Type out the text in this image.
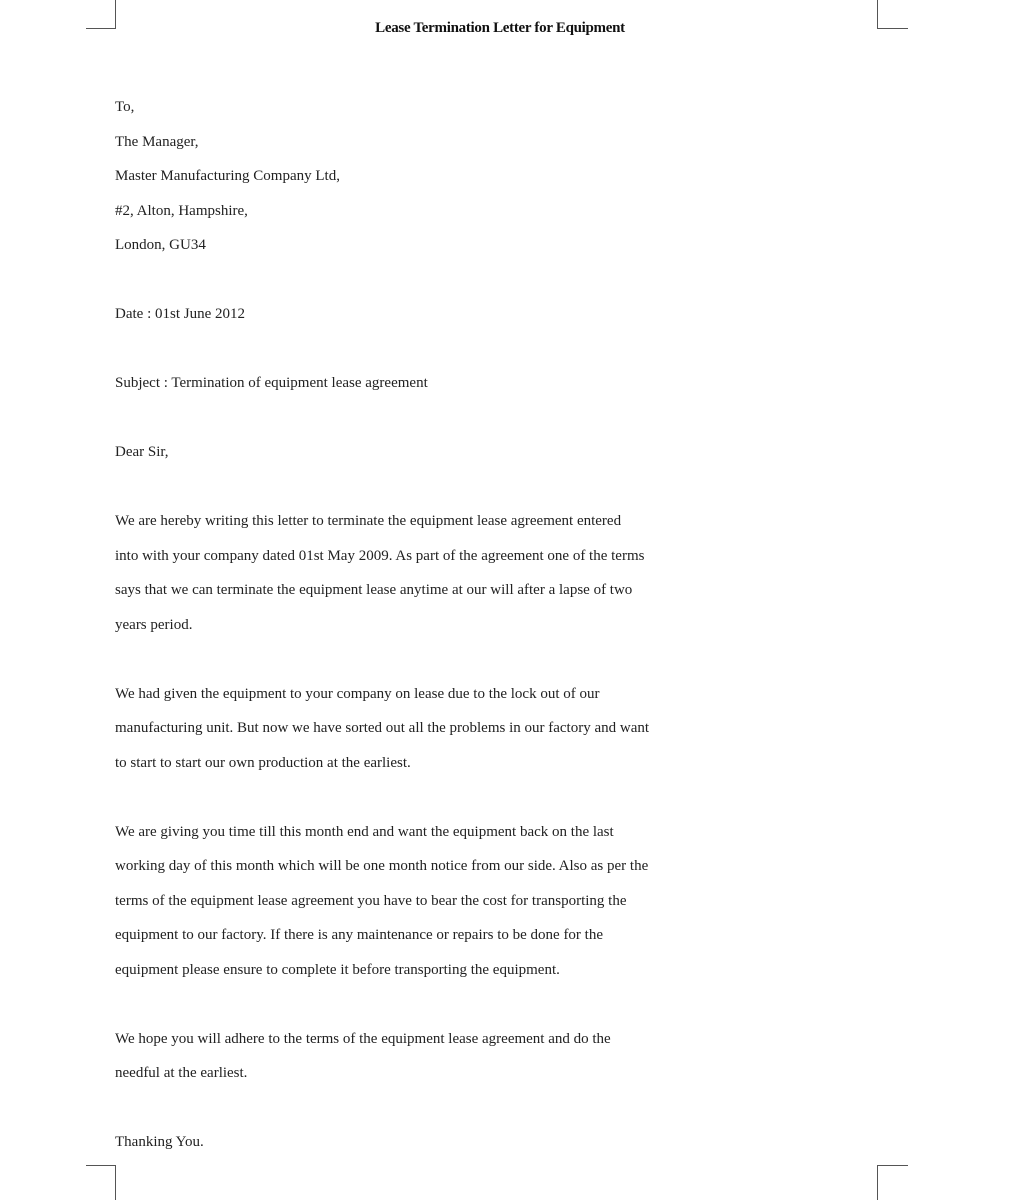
Lease Termination Letter for Equipment
To,
The Manager,
Master Manufacturing Company Ltd,
#2, Alton, Hampshire,
London, GU34
Date : 01st June 2012
Subject : Termination of equipment lease agreement
Dear Sir,
We are hereby writing this letter to terminate the equipment lease agreement entered
into with your company dated 01st May 2009. As part of the agreement one of the terms
says that we can terminate the equipment lease anytime at our will after a lapse of two
years period.
We had given the equipment to your company on lease due to the lock out of our
manufacturing unit. But now we have sorted out all the problems in our factory and want
to start to start our own production at the earliest.
We are giving you time till this month end and want the equipment back on the last
working day of this month which will be one month notice from our side. Also as per the
terms of the equipment lease agreement you have to bear the cost for transporting the
equipment to our factory. If there is any maintenance or repairs to be done for the
equipment please ensure to complete it before transporting the equipment.
We hope you will adhere to the terms of the equipment lease agreement and do the
needful at the earliest.
Thanking You.
